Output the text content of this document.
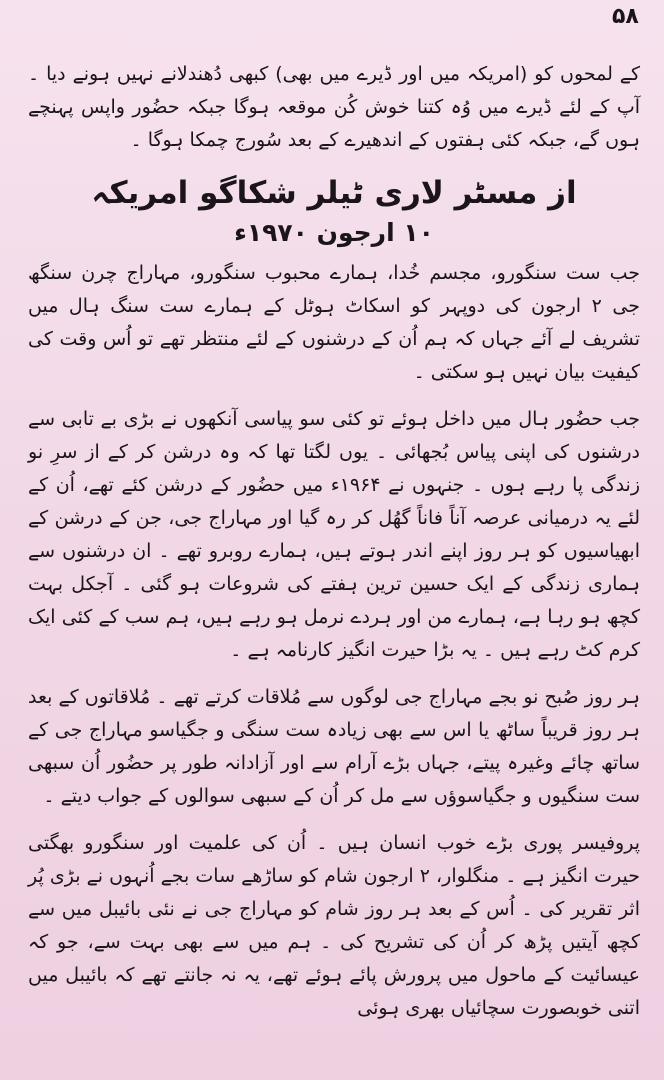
۵۸

کے لمحوں کو (امریکہ میں اور ڈیرے میں بھی) کبھی دُھندلانے نہیں ہونے دیا ۔ آپ کے لئے ڈیرے میں وُہ کتنا خوش کُن موقعہ ہوگا جبکہ حضُور واپس پہنچے ہوں گے، جبکہ کئی ہفتوں کے اندھیرے کے بعد سُورج چمکا ہوگا ۔

از مسٹر لاری ٹیلر شکاگو امریکہ
۱۰ ارجون ۱۹۷۰ء

جب ست سنگورو، مجسم خُدا، ہمارے محبوب سنگورو، مہاراج چرن سنگھ جی ۲ ارجون کی دوپہر کو اسکاٹ ہوٹل کے ہمارے ست سنگ ہال میں تشریف لے آئے جہاں کہ ہم اُن کے درشنوں کے لئے منتظر تھے تو اُس وقت کی کیفیت بیان نہیں ہو سکتی ۔

جب حضُور ہال میں داخل ہوئے تو کئی سو پیاسی آنکھوں نے بڑی بے تابی سے درشنوں کی اپنی پیاس بُجھائی ۔ یوں لگتا تھا کہ وہ درشن کر کے از سرِ نو زندگی پا رہے ہوں ۔ جنہوں نے ۱۹۶۴ء میں حضُور کے درشن کئے تھے، اُن کے لئے یہ درمیانی عرصہ آناً فاناً گھُل کر رہ گیا اور مہاراج جی، جن کے درشن کے ابھیاسیوں کو ہر روز اپنے اندر ہوتے ہیں، ہمارے روبرو تھے ۔ ان درشنوں سے ہماری زندگی کے ایک حسین ترین ہفتے کی شروعات ہو گئی ۔ آجکل بہت کچھ ہو رہا ہے، ہمارے من اور ہردے نرمل ہو رہے ہیں، ہم سب کے کئی ایک کرم کٹ رہے ہیں ۔ یہ بڑا حیرت انگیز کارنامہ ہے ۔

ہر روز صُبح نو بجے مہاراج جی لوگوں سے مُلاقات کرتے تھے ۔ مُلاقاتوں کے بعد ہر روز قریباً ساٹھ یا اس سے بھی زیادہ ست سنگی و جگیاسو مہاراج جی کے ساتھ چائے وغیرہ پیتے، جہاں بڑے آرام سے اور آزادانہ طور پر حضُور اُن سبھی ست سنگیوں و جگیاسوؤں سے مل کر اُن کے سبھی سوالوں کے جواب دیتے ۔

پروفیسر پوری بڑے خوب انسان ہیں ۔ اُن کی علمیت اور سنگورو بھگتی حیرت انگیز ہے ۔ منگلوار، ۲ ارجون شام کو ساڑھے سات بجے اُنہوں نے بڑی پُر اثر تقریر کی ۔ اُس کے بعد ہر روز شام کو مہاراج جی نے نئی بائیبل میں سے کچھ آیتیں پڑھ کر اُن کی تشریح کی ۔ ہم میں سے بھی بہت سے، جو کہ عیسائیت کے ماحول میں پرورش پائے ہوئے تھے، یہ نہ جانتے تھے کہ بائیبل میں اتنی خوبصورت سچائیاں بھری ہوئی
